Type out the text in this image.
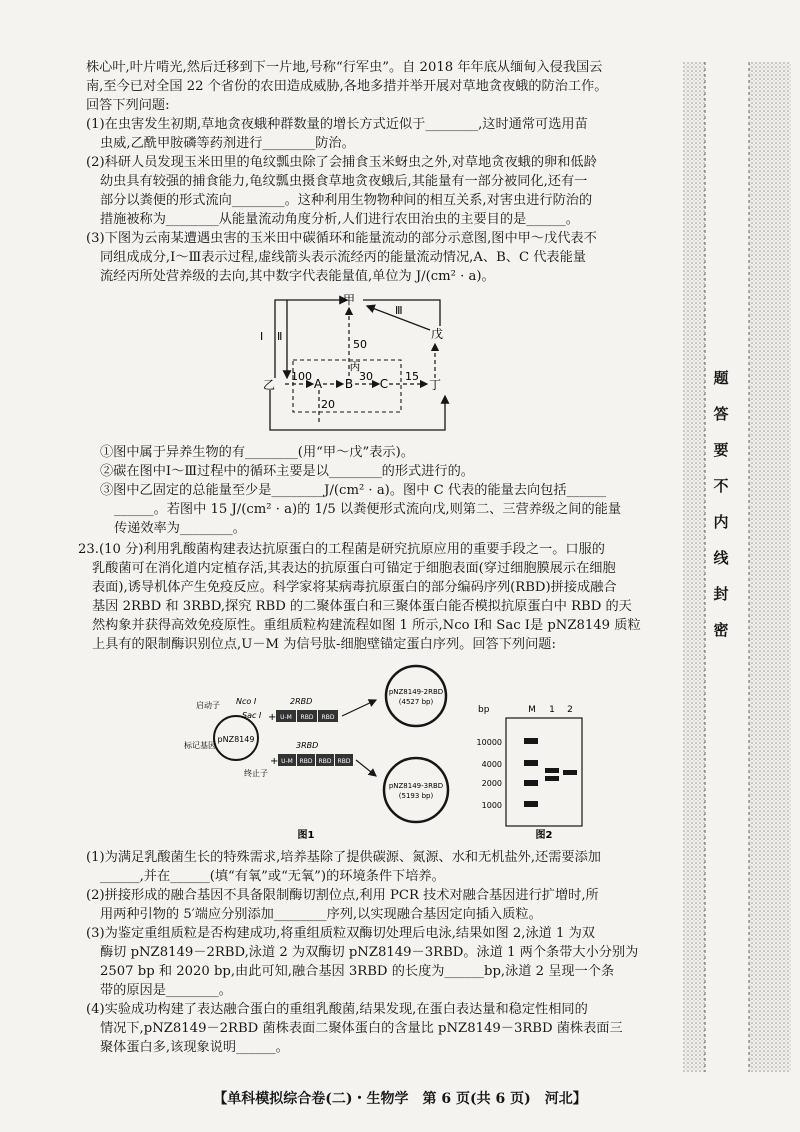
株心叶,叶片啃光,然后迁移到下一片地,号称“行军虫”。自 2018 年年底从缅甸入侵我国云

南,至今已对全国 22 个省份的农田造成威胁,各地多措并举开展对草地贪夜蛾的防治工作。

回答下列问题:

(1)在虫害发生初期,草地贪夜蛾种群数量的增长方式近似于________,这时通常可选用苗

虫威,乙酰甲胺磷等药剂进行________防治。

(2)科研人员发现玉米田里的龟纹瓢虫除了会捕食玉米蚜虫之外,对草地贪夜蛾的卵和低龄

幼虫具有较强的捕食能力,龟纹瓢虫摄食草地贪夜蛾后,其能量有一部分被同化,还有一

部分以粪便的形式流向________。这种利用生物物种间的相互关系,对害虫进行防治的

措施被称为________从能量流动角度分析,人们进行农田治虫的主要目的是______。

(3)下图为云南某遭遇虫害的玉米田中碳循环和能量流动的部分示意图,图中甲～戊代表不

同组成成分,Ⅰ～Ⅲ表示过程,虚线箭头表示流经丙的能量流动情况,A、B、C 代表能量

流经丙所处营养级的去向,其中数字代表能量值,单位为 J/(cm² · a)。

甲
乙
丙
丁
戊
A B C
Ⅰ Ⅱ
Ⅲ
100	30	15
50
20

①图中属于异养生物的有________(用“甲～戊”表示)。

②碳在图中Ⅰ～Ⅲ过程中的循环主要是以________的形式进行的。

③图中乙固定的总能量至少是________J/(cm² · a)。图中 C 代表的能量去向包括______

______。若图中 15 J/(cm² · a)的 1/5 以粪便形式流向戊,则第二、三营养级之间的能量

传递效率为________。

23.(10 分)利用乳酸菌构建表达抗原蛋白的工程菌是研究抗原应用的重要手段之一。口服的

乳酸菌可在消化道内定植存活,其表达的抗原蛋白可锚定于细胞表面(穿过细胞膜展示在细胞

表面),诱导机体产生免疫反应。科学家将某病毒抗原蛋白的部分编码序列(RBD)拼接成融合

基因 2RBD 和 3RBD,探究 RBD 的二聚体蛋白和三聚体蛋白能否模拟抗原蛋白中 RBD 的天

然构象并获得高效免疫原性。重组质粒构建流程如图 1 所示,Nco Ⅰ和 Sac Ⅰ是 pNZ8149 质粒

上具有的限制酶识别位点,U－M 为信号肽-细胞壁锚定蛋白序列。回答下列问题:

pNZ8149
启动子
标记基因
终止子
Nco Ⅰ
Sac Ⅰ
2RBD
+ U-M RBD RBD
3RBD
+ U-M RBD RBD RBD
pNZ8149-2RBD
(4527 bp)
pNZ8149-3RBD
(5193 bp)
图1
bp	M 1 2
10000
4000
2000
1000
图2

(1)为满足乳酸菌生长的特殊需求,培养基除了提供碳源、氮源、水和无机盐外,还需要添加

______,并在______(填“有氧”或“无氧”)的环境条件下培养。

(2)拼接形成的融合基因不具备限制酶切割位点,利用 PCR 技术对融合基因进行扩增时,所

用两种引物的 5′端应分别添加________序列,以实现融合基因定向插入质粒。

(3)为鉴定重组质粒是否构建成功,将重组质粒双酶切处理后电泳,结果如图 2,泳道 1 为双

酶切 pNZ8149－2RBD,泳道 2 为双酶切 pNZ8149－3RBD。泳道 1 两个条带大小分别为

2507 bp 和 2020 bp,由此可知,融合基因 3RBD 的长度为______bp,泳道 2 呈现一个条

带的原因是________。

(4)实验成功构建了表达融合蛋白的重组乳酸菌,结果发现,在蛋白表达量和稳定性相同的

情况下,pNZ8149－2RBD 菌株表面二聚体蛋白的含量比 pNZ8149－3RBD 菌株表面三

聚体蛋白多,该现象说明______。

【单科模拟综合卷(二)・生物学　第 6 页(共 6 页)　河北】
题
答
要
不
内
线
封
密
